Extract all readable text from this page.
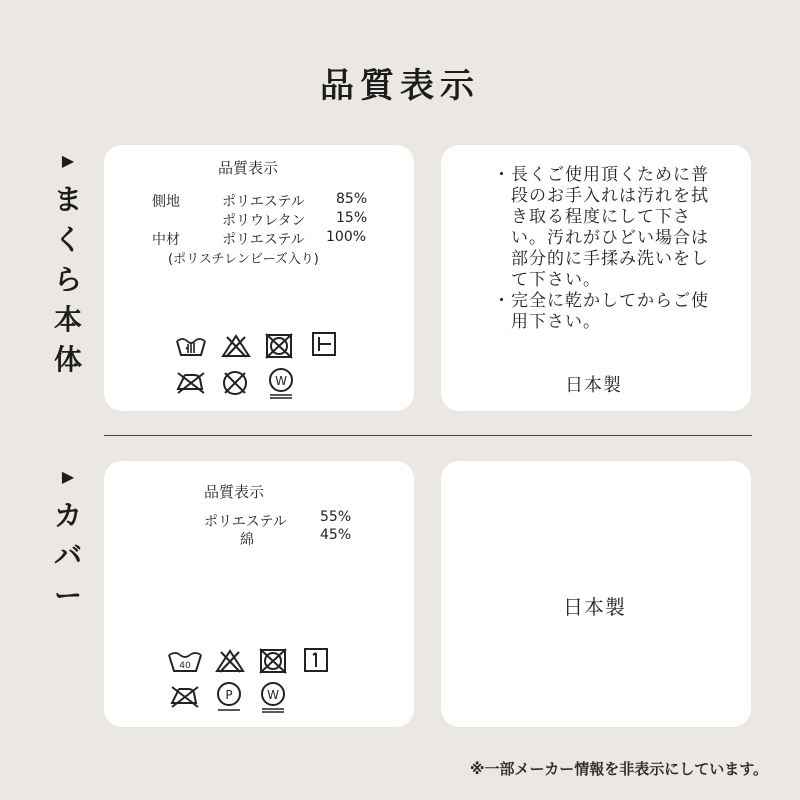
品質表示
▶
ま
く
ら
本
体
品質表示
側地	ポリエステル 85%
ポリウレタン 15%
中材	ポリエステル 100%
(ポリスチレンビーズ入り)
W

・長くご使用頂くために普段のお手入れは汚れを拭き取る程度にして下さい。汚れがひどい場合は部分的に手揉み洗いをして下さい。

・完全に乾かしてからご使用下さい。

日本製
▶
カ
バ
ー
品質表示
ポリエステル 55%
綿	45%
40
P	W
日本製
※一部メーカー情報を非表示にしています。
